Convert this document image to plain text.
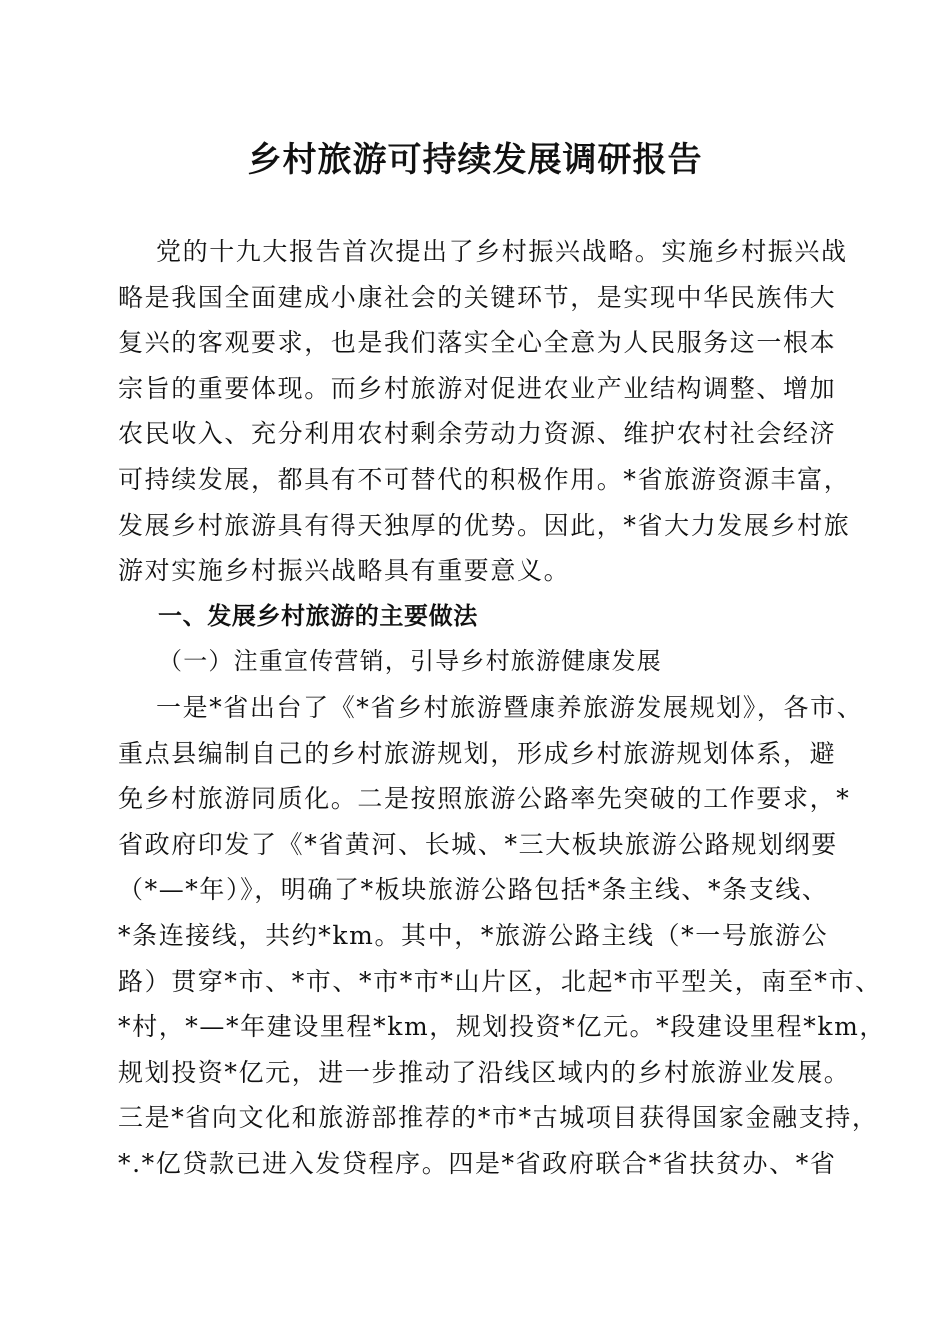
乡村旅游可持续发展调研报告
党的十九大报告首次提出了乡村振兴战略。实施乡村振兴战
略是我国全面建成小康社会的关键环节，是实现中华民族伟大
复兴的客观要求，也是我们落实全心全意为人民服务这一根本
宗旨的重要体现。而乡村旅游对促进农业产业结构调整、增加
农民收入、充分利用农村剩余劳动力资源、维护农村社会经济
可持续发展，都具有不可替代的积极作用。*省旅游资源丰富，
发展乡村旅游具有得天独厚的优势。因此，*省大力发展乡村旅
游对实施乡村振兴战略具有重要意义。
一、发展乡村旅游的主要做法
（一）注重宣传营销，引导乡村旅游健康发展
一是*省出台了《*省乡村旅游暨康养旅游发展规划》，各市、
重点县编制自己的乡村旅游规划，形成乡村旅游规划体系，避
免乡村旅游同质化。二是按照旅游公路率先突破的工作要求，*
省政府印发了《*省黄河、长城、*三大板块旅游公路规划纲要
（*—*年）》，明确了*板块旅游公路包括*条主线、*条支线、
*条连接线，共约*km。其中，*旅游公路主线（*一号旅游公
路）贯穿*市、*市、*市*市*山片区，北起*市平型关，南至*市、
*村，*—*年建设里程*km，规划投资*亿元。*段建设里程*km，
规划投资*亿元，进一步推动了沿线区域内的乡村旅游业发展。
三是*省向文化和旅游部推荐的*市*古城项目获得国家金融支持，
*.*亿贷款已进入发贷程序。四是*省政府联合*省扶贫办、*省
